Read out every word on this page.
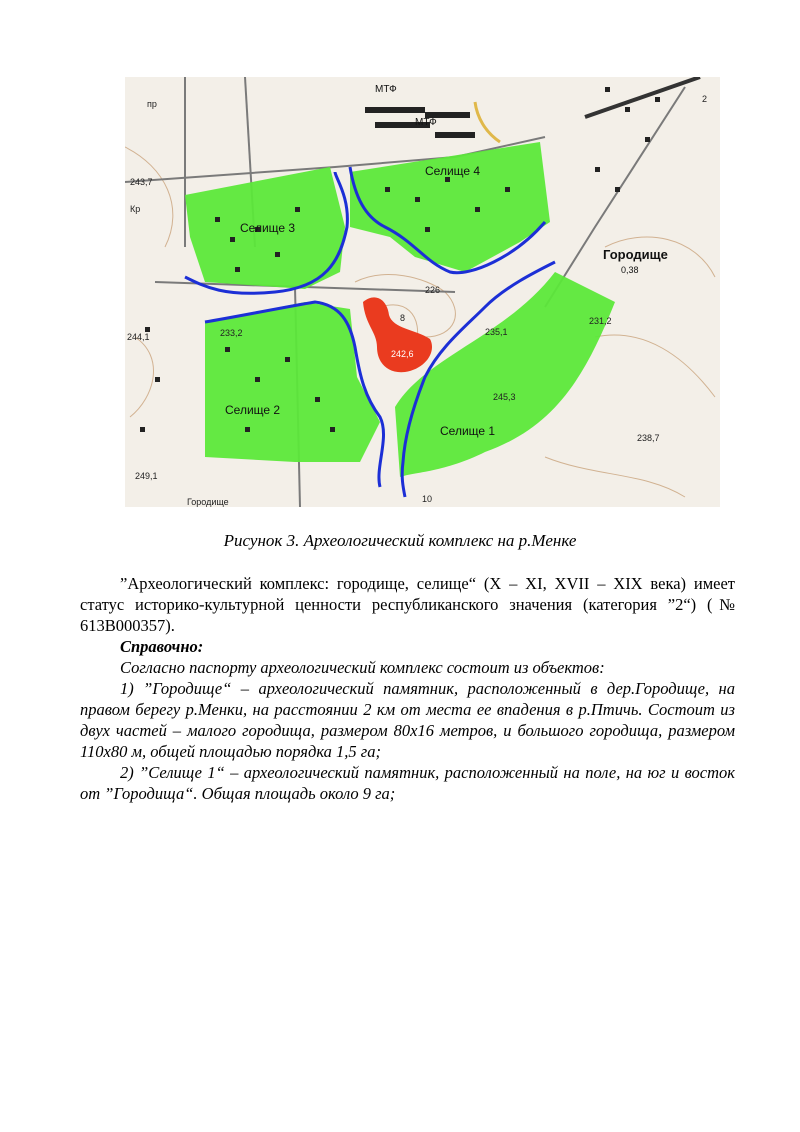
Селище 4
Селище 3
Селище 2
Селище 1
Городище
0,38
МТФ
МТФ
243,7
244,1	233,2
242,6
235,1
231,2
245,3
238,7
249,1
226
Городище
пр
8
10
2
Кр
Рисунок 3. Археологический комплекс на р.Менке

”Археологический комплекс: городище, селище“ (X – XI, XVII – XIX века) имеет статус историко-культурной ценности республиканского значения (категория ”2“) (№ 613В000357).

Справочно:

Согласно паспорту археологический комплекс состоит из объектов:

1) ”Городище“ – археологический памятник, расположенный в дер.Городище, на правом берегу р.Менки, на расстоянии 2 км от места ее впадения в р.Птичь. Состоит из двух частей – малого городища, размером 80х16 метров, и большого городища, размером 110х80 м, общей площадью порядка 1,5 га;

2) ”Селище 1“ – археологический памятник, расположенный на поле, на юг и восток от ”Городища“. Общая площадь около 9 га;
